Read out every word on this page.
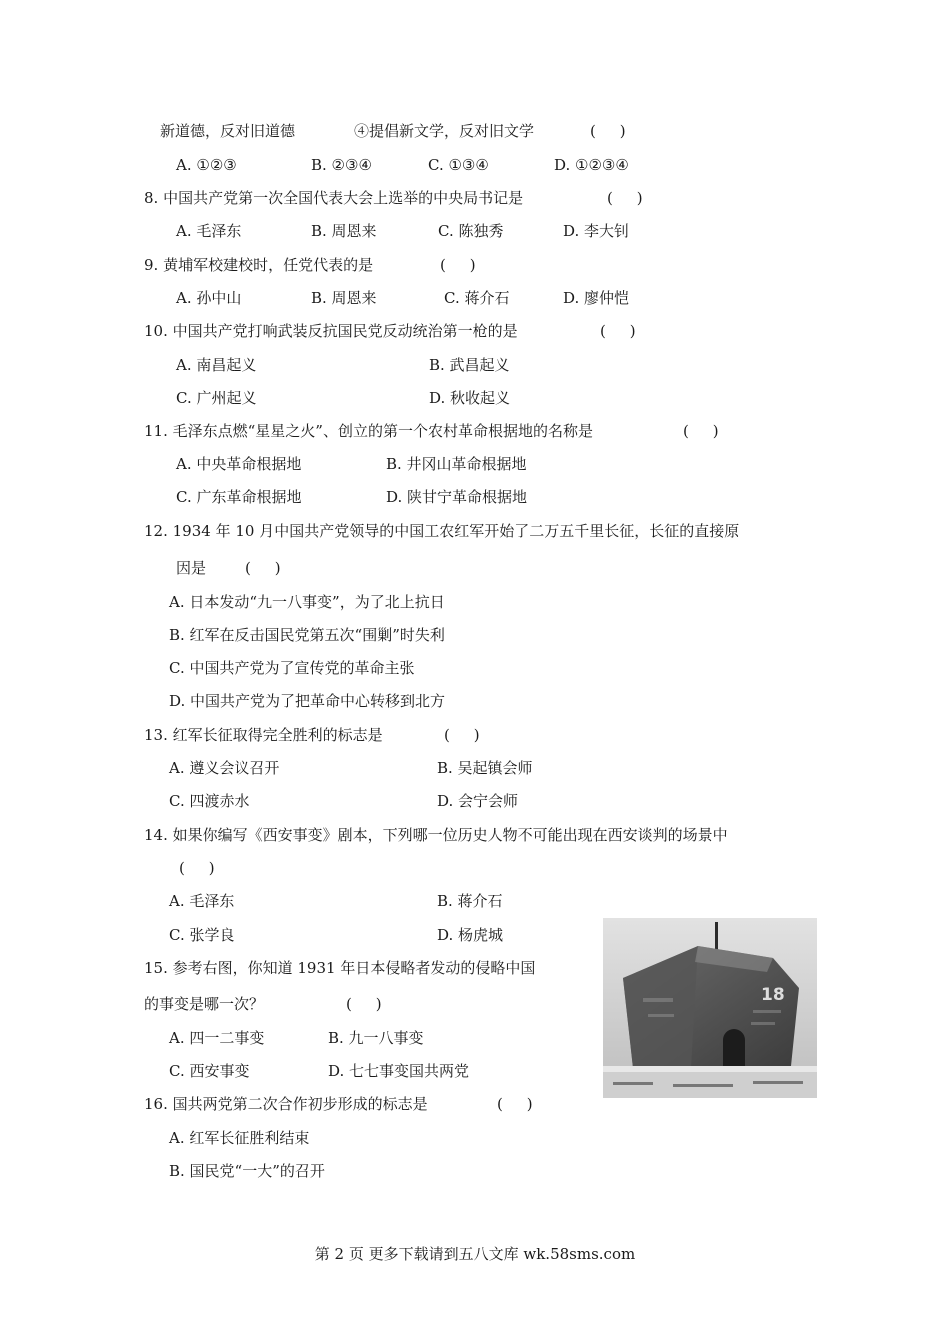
新道德，反对旧道德	④提倡新文学，反对旧文学	(     )
A. ①②③	B. ②③④	C. ①③④	D. ①②③④
8. 中国共产党第一次全国代表大会上选举的中央局书记是	(     )
A. 毛泽东	B. 周恩来	C. 陈独秀	D. 李大钊
9. 黄埔军校建校时，任党代表的是	(     )
A. 孙中山	B. 周恩来	C. 蒋介石	D. 廖仲恺
10. 中国共产党打响武装反抗国民党反动统治第一枪的是	(     )
A. 南昌起义	B. 武昌起义
C. 广州起义	D. 秋收起义
11. 毛泽东点燃“星星之火”、创立的第一个农村革命根据地的名称是	(     )
A. 中央革命根据地	B. 井冈山革命根据地
C. 广东革命根据地	D. 陕甘宁革命根据地
12. 1934 年 10 月中国共产党领导的中国工农红军开始了二万五千里长征，长征的直接原
因是	(     )
A. 日本发动“九一八事变”，为了北上抗日
B. 红军在反击国民党第五次“围剿”时失利
C. 中国共产党为了宣传党的革命主张
D. 中国共产党为了把革命中心转移到北方
13. 红军长征取得完全胜利的标志是	(     )
A. 遵义会议召开	B. 吴起镇会师
C. 四渡赤水	D. 会宁会师
14. 如果你编写《西安事变》剧本，下列哪一位历史人物不可能出现在西安谈判的场景中
(     )
A. 毛泽东	B. 蒋介石
C. 张学良	D. 杨虎城
15. 参考右图，你知道 1931 年日本侵略者发动的侵略中国
的事变是哪一次？	(     )
A. 四一二事变	B. 九一八事变
C. 西安事变	D. 七七事变国共两党
18
16. 国共两党第二次合作初步形成的标志是	(     )
A. 红军长征胜利结束
B. 国民党“一大”的召开
第 2 页 更多下载请到五八文库 wk.58sms.com
